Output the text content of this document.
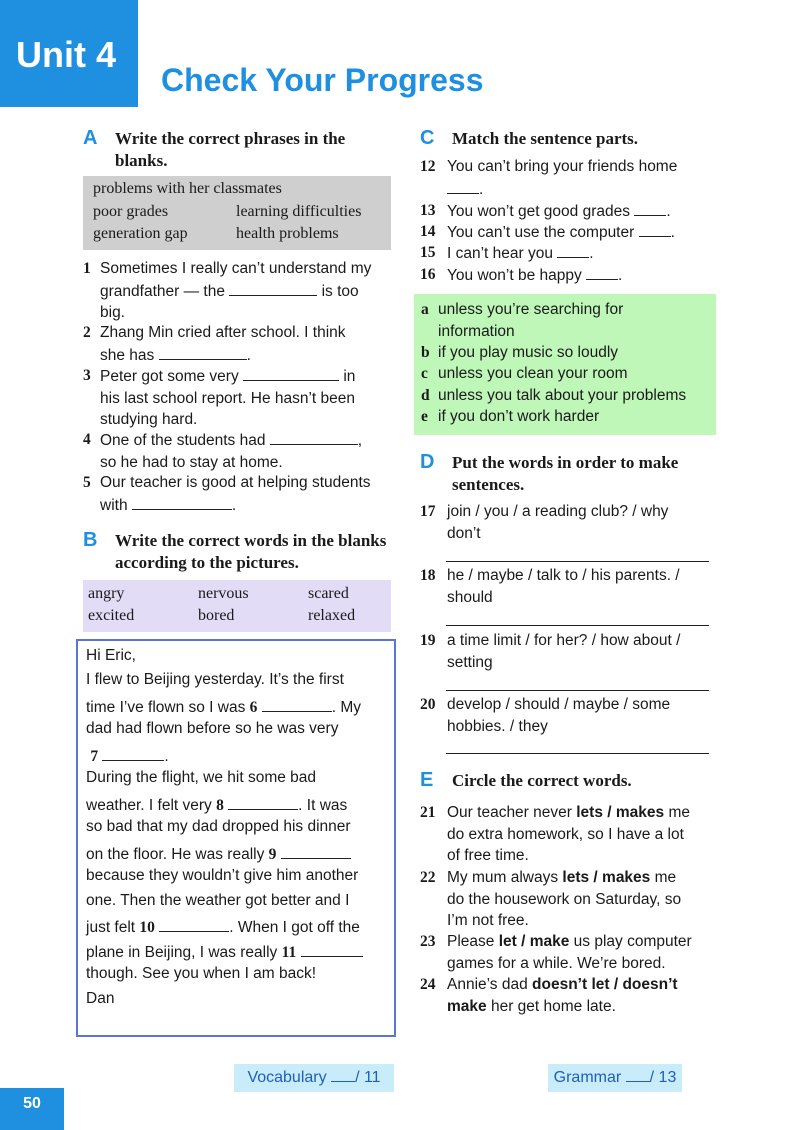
Unit 4
Check Your Progress
A Write the correct phrases in the blanks.
problems with her classmates
poor grades	learning difficulties
generation gap	health problems
1 Sometimes I really can’t understand my
grandfather — the	is too
big.
2 Zhang Min cried after school. I think
she has	.
3 Peter got some very	in
his last school report. He hasn’t been
studying hard.
4 One of the students had	,
so he had to stay at home.
5 Our teacher is good at helping students
with	.
B Write the correct words in the blanks according to the pictures.
angry	nervous	scared
excited	bored	relaxed
Hi Eric,
I flew to Beijing yesterday. It’s the first
time I’ve flown so I was 6	. My
dad had flown before so he was very
7	.
During the flight, we hit some bad
weather. I felt very 8	. It was
so bad that my dad dropped his dinner
on the floor. He was really 9
because they wouldn’t give him another
one. Then the weather got better and I
just felt 10	. When I got off the
plane in Beijing, I was really 11
though. See you when I am back!
Dan
C Match the sentence parts.
12 You can’t bring your friends home
.
13 You won’t get good grades .
14 You can’t use the computer .
15 I can’t hear you .
16 You won’t be happy .
a unless you’re searching for
information
b if you play music so loudly
c unless you clean your room
d unless you talk about your problems
e if you don’t work harder
D Put the words in order to make sentences.
17 join / you / a reading club? / why
don’t
18 he / maybe / talk to / his parents. /
should
19 a time limit / for her? / how about /
setting
20 develop / should / maybe / some
hobbies. / they
E Circle the correct words.
21 Our teacher never lets / makes me
do extra homework, so I have a lot
of free time.
22 My mum always lets / makes me
do the housework on Saturday, so
I’m not free.
23 Please let / make us play computer
games for a while. We’re bored.
24 Annie’s dad doesn’t let / doesn’t
make her get home late.
Vocabulary / 11	Grammar / 13
50
